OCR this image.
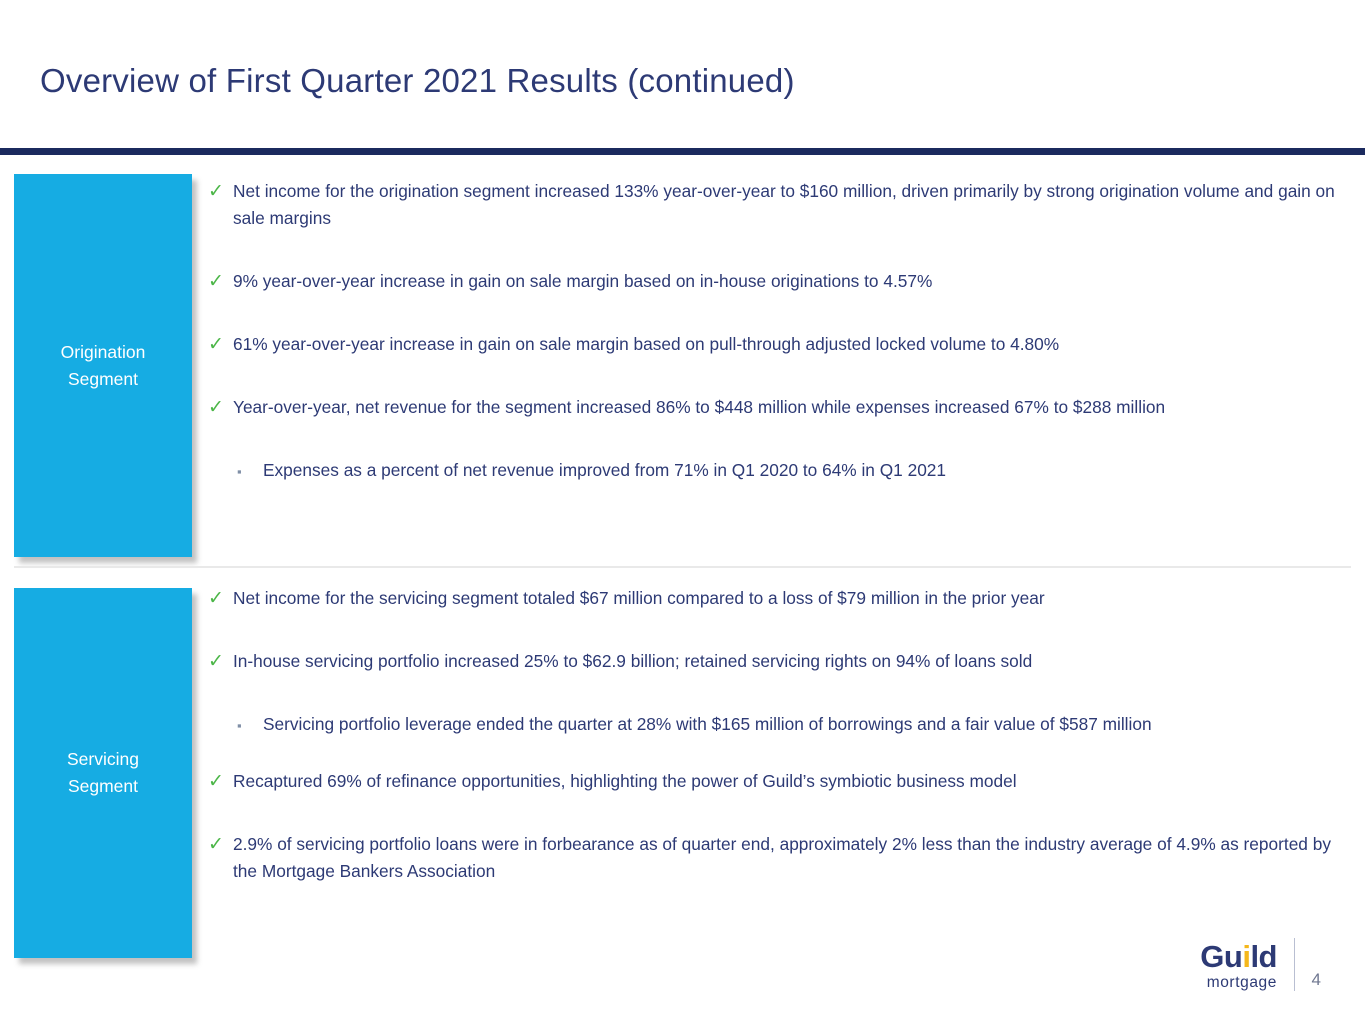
Overview of First Quarter 2021 Results (continued)
Origination
Segment
✓ Net income for the origination segment increased 133% year-over-year to $160 million, driven primarily by strong origination volume and gain on sale margins
✓ 9% year-over-year increase in gain on sale margin based on in-house originations to 4.57%
✓ 61% year-over-year increase in gain on sale margin based on pull-through adjusted locked volume to 4.80%
✓ Year-over-year, net revenue for the segment increased 86% to $448 million while expenses increased 67% to $288 million
▪ Expenses as a percent of net revenue improved from 71% in Q1 2020 to 64% in Q1 2021
Servicing
Segment
✓ Net income for the servicing segment totaled $67 million compared to a loss of $79 million in the prior year
✓ In-house servicing portfolio increased 25% to $62.9 billion; retained servicing rights on 94% of loans sold
▪ Servicing portfolio leverage ended the quarter at 28% with $165 million of borrowings and a fair value of $587 million
✓ Recaptured 69% of refinance opportunities, highlighting the power of Guild’s symbiotic business model
✓ 2.9% of servicing portfolio loans were in forbearance as of quarter end, approximately 2% less than the industry average of 4.9% as reported by the Mortgage Bankers Association
Guild
mortgage 4
